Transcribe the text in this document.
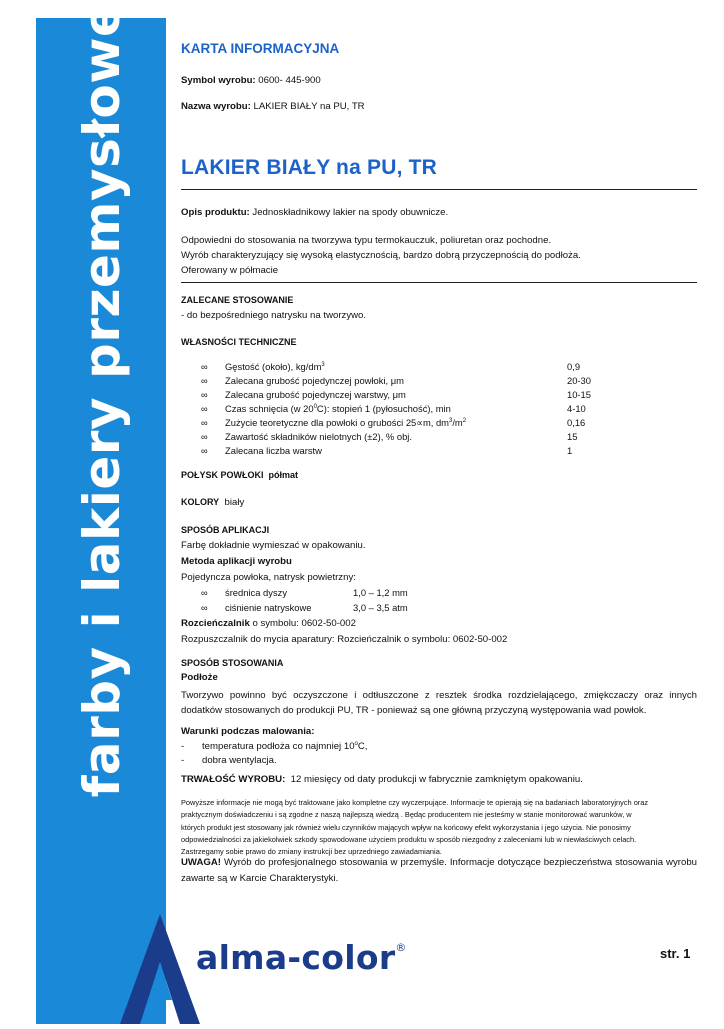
farby i lakiery przemysłowe	KARTA INFORMACYJNA
Symbol wyrobu: 0600- 445-900
Nazwa wyrobu: LAKIER BIAŁY na PU, TR
LAKIER BIAŁY na PU, TR
Opis produktu: Jednoskładnikowy lakier na spody obuwnicze.
Odpowiedni do stosowania na tworzywa typu termokauczuk, poliuretan oraz pochodne.
Wyrób charakteryzujący się wysoką elastycznością, bardzo dobrą przyczepnością do podłoża.
Oferowany w półmacie
ZALECANE STOSOWANIE
- do bezpośredniego natrysku na tworzywo.
WŁASNOŚCI TECHNICZNE
∞ Gęstość (około), $kg/dm^3$	0,9
∞ Zalecana grubość pojedynczej powłoki, μm	20-30
∞ Zalecana grubość pojedynczej warstwy, μm	10-15
∞ Czas schnięcia (w $20^0C$): stopień 1 (pyłosuchość), min	4-10
∞ Zużycie teoretyczne dla powłoki o grubości 25∝m, $dm^3/m^2$	0,16
∞ Zawartość składników nielotnych (±2), % obj.	15
∞ Zalecana liczba warstw	1
POŁYSK POWŁOKI półmat
KOLORY biały
SPOSÓB APLIKACJI
Farbę dokładnie wymieszać w opakowaniu.
Metoda aplikacji wyrobu
Pojedyncza powłoka, natrysk powietrzny:
∞ średnica dyszy	1,0 – 1,2 mm
∞ ciśnienie natryskowe	3,0 – 3,5 atm
Rozcieńczalnik o symbolu: 0602-50-002
Rozpuszczalnik do mycia aparatury: Rozcieńczalnik o symbolu: 0602-50-002
SPOSÓB STOSOWANIA
Podłoże
Tworzywo powinno być oczyszczone i odtłuszczone z resztek środka rozdzielającego, zmiękczaczy oraz innych dodatków stosowanych do produkcji PU, TR - ponieważ są one główną przyczyną występowania wad powłok.
Warunki podczas malowania:
- temperatura podłoża co najmniej 10$^o$C,
- dobra wentylacja.
TRWAŁOŚĆ WYROBU: 12 miesięcy od daty produkcji w fabrycznie zamkniętym opakowaniu.
Powyższe informacje nie mogą być traktowane jako kompletne czy wyczerpujące. Informacje te opierają się na badaniach laboratoryjnych oraz
praktycznym doświadczeniu i są zgodne z naszą najlepszą wiedzą . Będąc producentem nie jesteśmy w stanie monitorować warunków, w
których produkt jest stosowany jak również wielu czynników mających wpływ na końcowy efekt wykorzystania i jego użycia. Nie ponosimy
odpowiedzialności za jakiekolwiek szkody spowodowane użyciem produktu w sposób niezgodny z zaleceniami lub w niewłaściwych celach.
Zastrzegamy sobie prawo do zmiany instrukcji bez uprzedniego zawiadamiania.
UWAGA! Wyrób do profesjonalnego stosowania w przemyśle. Informacje dotyczące bezpieczeństwa stosowania wyrobu zawarte są w Karcie Charakterystyki.
alma-color®	str. 1
